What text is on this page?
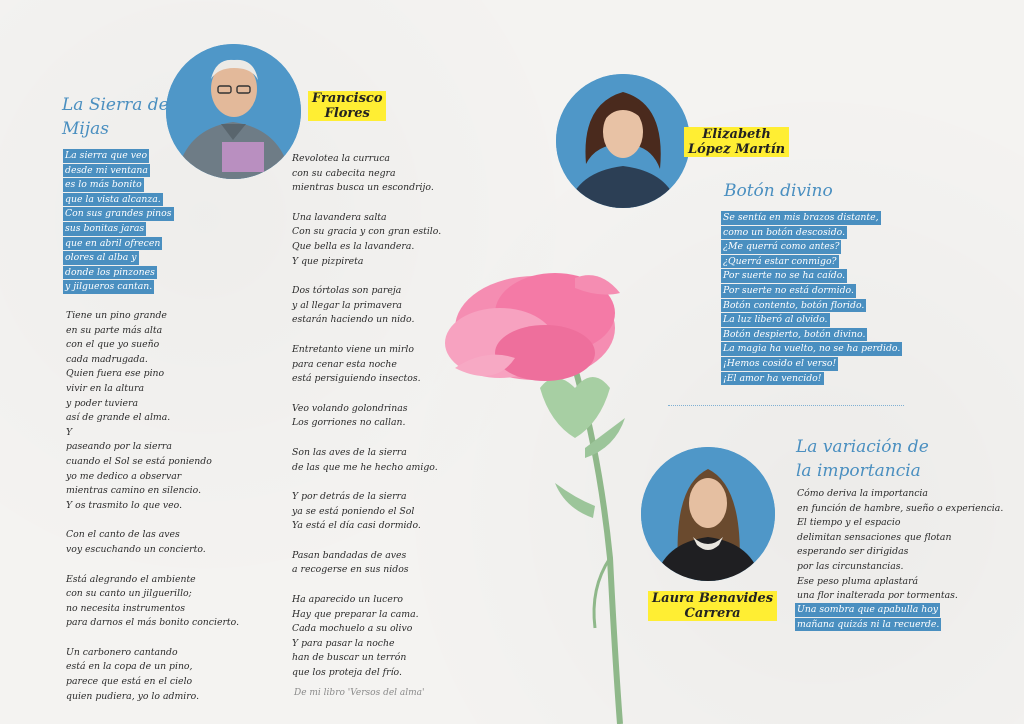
Francisco
Flores
La Sierra de
Mijas
La sierra que veo
desde mi ventana
es lo más bonito
que la vista alcanza.
Con sus grandes pinos
sus bonitas jaras
que en abril ofrecen
olores al alba y
donde los pinzones
y jilgueros cantan.
Tiene un pino grande
en su parte más alta
con el que yo sueño
cada madrugada.
Quien fuera ese pino
vivir en la altura
y poder tuviera
así de grande el alma.
Y
paseando por la sierra
cuando el Sol se está poniendo
yo me dedico a observar
mientras camino en silencio.
Y os trasmito lo que veo.
Con el canto de las aves
voy escuchando un concierto.
Está alegrando el ambiente
con su canto un jilguerillo;
no necesita instrumentos
para darnos el más bonito concierto.
Un carbonero cantando
está en la copa de un pino,
parece que está en el cielo
quien pudiera, yo lo admiro.
Revolotea la curruca
con su cabecita negra
mientras busca un escondrijo.
Una lavandera salta
Con su gracia y con gran estilo.
Que bella es la lavandera.
Y que pizpireta
Dos tórtolas son pareja
y al llegar la primavera
estarán haciendo un nido.
Entretanto viene un mirlo
para cenar esta noche
está persiguiendo insectos.
Veo volando golondrinas
Los gorriones no callan.
Son las aves de la sierra
de las que me he hecho amigo.
Y por detrás de la sierra
ya se está poniendo el Sol
Ya está el día casi dormido.
Pasan bandadas de aves
a recogerse en sus nidos
Ha aparecido un lucero
Hay que preparar la cama.
Cada mochuelo a su olivo
Y para pasar la noche
han de buscar un terrón
que los proteja del frío.
De mi libro 'Versos del alma'
Elizabeth
López Martín
Botón divino
Se sentía en mis brazos distante,
como un botón descosido.
¿Me querrá como antes?
¿Querrá estar conmigo?
Por suerte no se ha caído.
Por suerte no está dormido.
Botón contento, botón florido.
La luz liberó al olvido.
Botón despierto, botón divino.
La magia ha vuelto, no se ha perdido.
¡Hemos cosido el verso!
¡El amor ha vencido!
Laura Benavides
Carrera
La variación de
la importancia
Cómo deriva la importancia
en función de hambre, sueño o experiencia.
El tiempo y el espacio
delimitan sensaciones que flotan
esperando ser dirigidas
por las circunstancias.
Ese peso pluma aplastará
una flor inalterada por tormentas.
Una sombra que apabulla hoy
mañana quizás ni la recuerde.
